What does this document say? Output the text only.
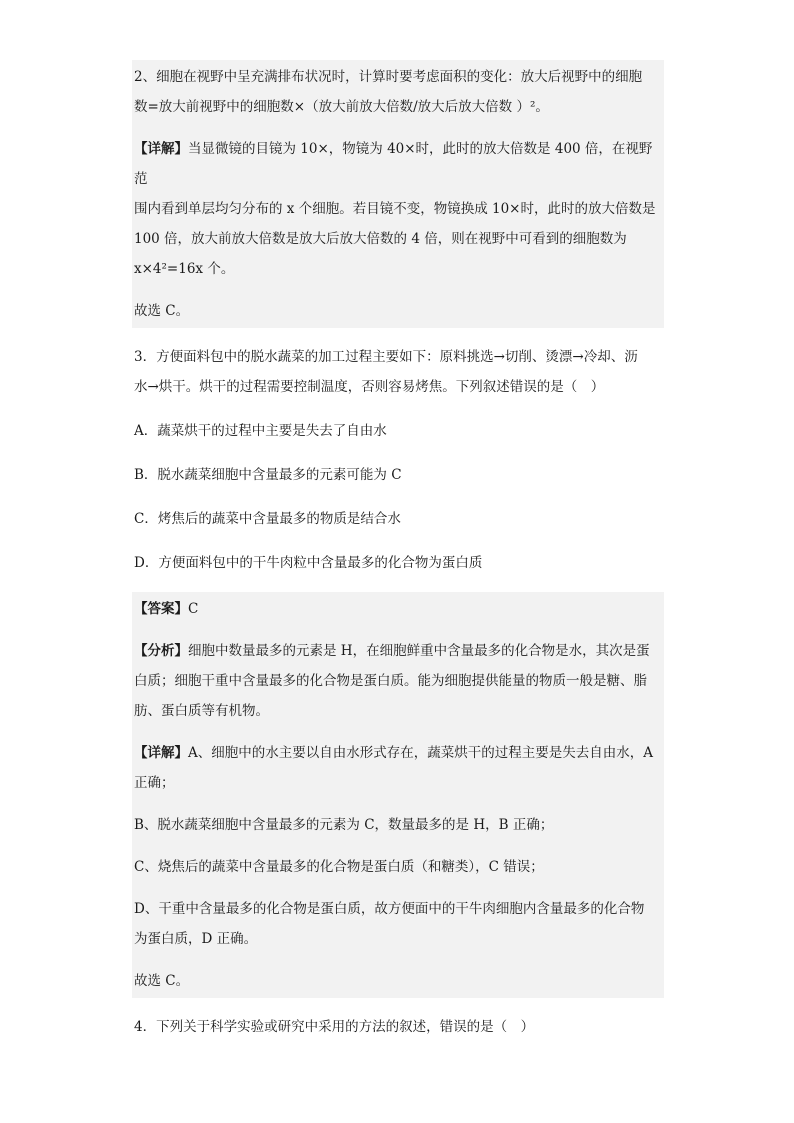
2、细胞在视野中呈充满排布状况时，计算时要考虑面积的变化：放大后视野中的细胞

数=放大前视野中的细胞数×（放大前放大倍数/放大后放大倍数 ）²。

【详解】当显微镜的目镜为 10×，物镜为 40×时，此时的放大倍数是 400 倍，在视野范

围内看到单层均匀分布的 x 个细胞。若目镜不变，物镜换成 10×时，此时的放大倍数是

100 倍，放大前放大倍数是放大后放大倍数的 4 倍，则在视野中可看到的细胞数为

x×4²=16x 个。

故选 C。

3．方便面料包中的脱水蔬菜的加工过程主要如下：原料挑选→切削、烫漂→冷却、沥

水→烘干。烘干的过程需要控制温度，否则容易烤焦。下列叙述错误的是（　）

A．蔬菜烘干的过程中主要是失去了自由水

B．脱水蔬菜细胞中含量最多的元素可能为 C

C．烤焦后的蔬菜中含量最多的物质是结合水

D．方便面料包中的干牛肉粒中含量最多的化合物为蛋白质

【答案】C

【分析】细胞中数量最多的元素是 H，在细胞鲜重中含量最多的化合物是水，其次是蛋

白质；细胞干重中含量最多的化合物是蛋白质。能为细胞提供能量的物质一般是糖、脂

肪、蛋白质等有机物。

【详解】A、细胞中的水主要以自由水形式存在，蔬菜烘干的过程主要是失去自由水，A

正确；

B、脱水蔬菜细胞中含量最多的元素为 C，数量最多的是 H，B 正确；

C、烧焦后的蔬菜中含量最多的化合物是蛋白质（和糖类），C 错误；

D、干重中含量最多的化合物是蛋白质，故方便面中的干牛肉细胞内含量最多的化合物

为蛋白质，D 正确。

故选 C。

4．下列关于科学实验或研究中采用的方法的叙述，错误的是（　）
